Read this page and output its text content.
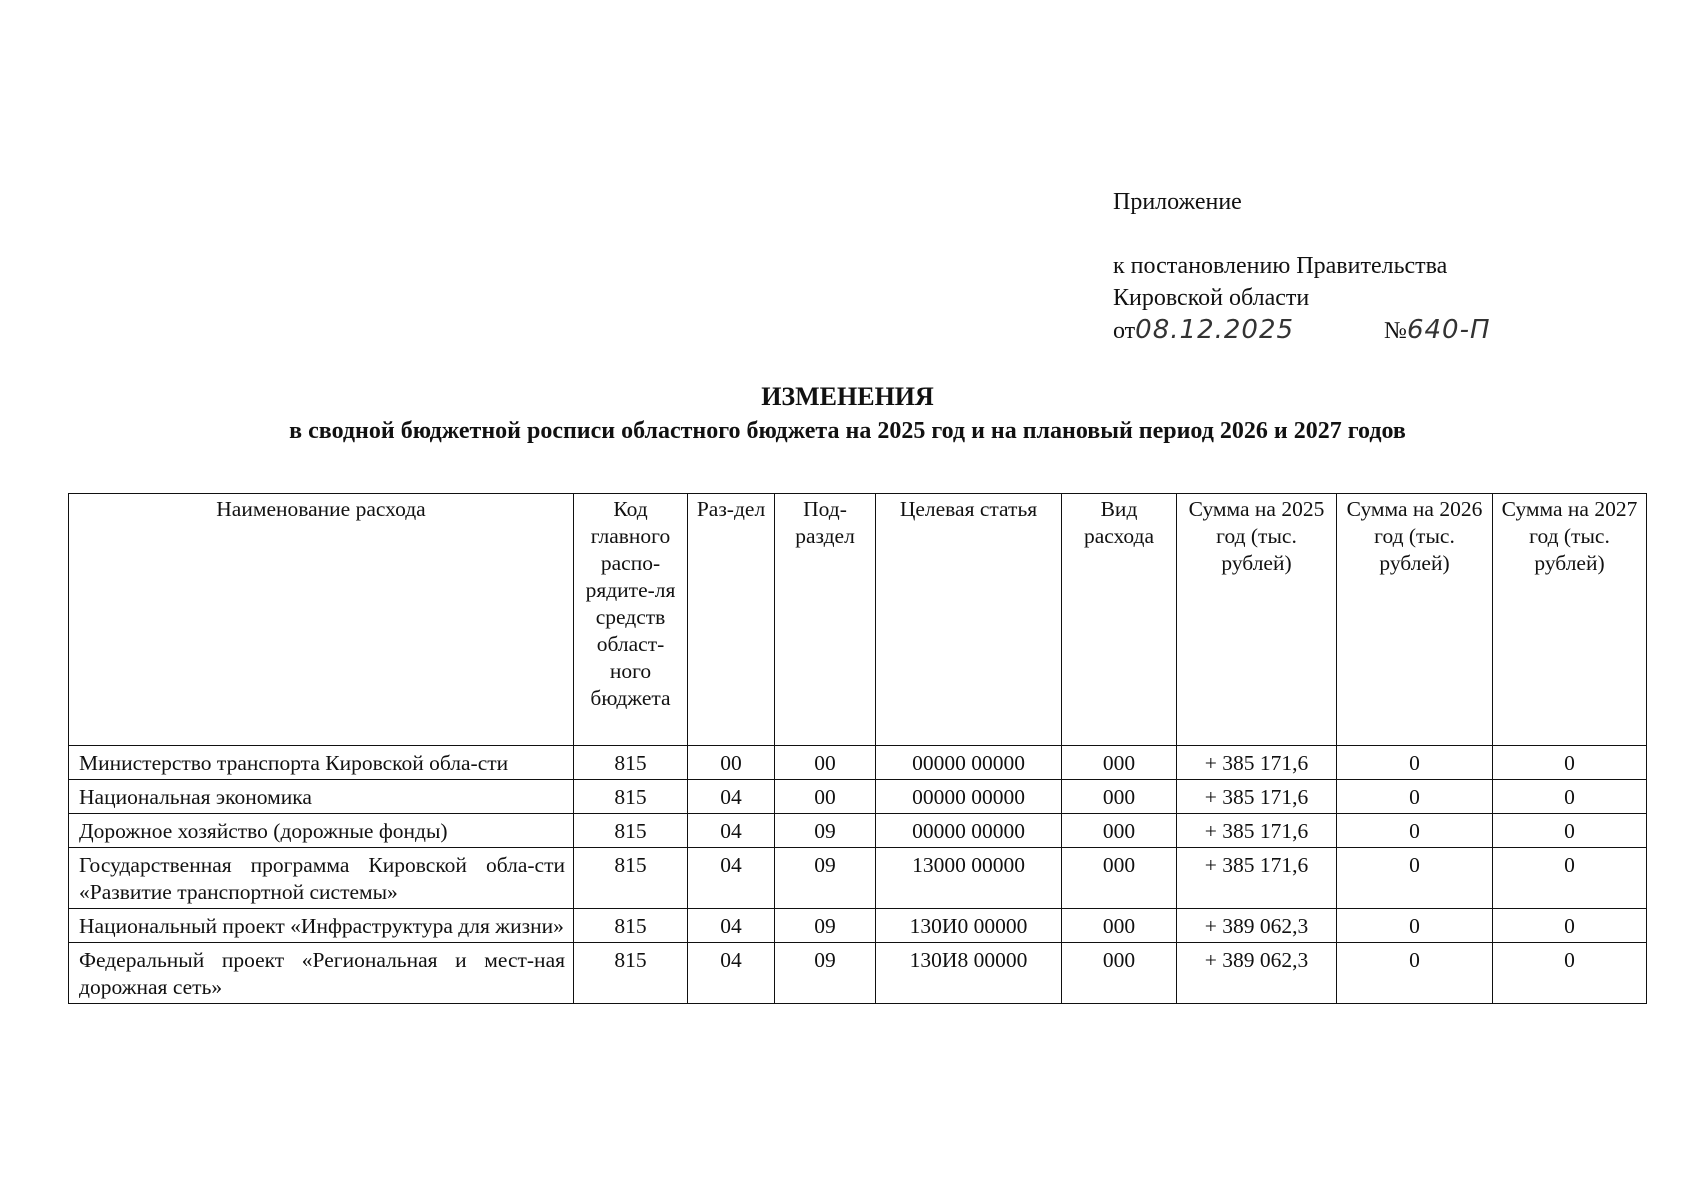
Приложение
к постановлению Правительства
Кировской области
от 08.12.2025	№ 640-П
ИЗМЕНЕНИЯ
в сводной бюджетной росписи областного бюджета на 2025 год и на плановый период 2026 и 2027 годов
Наименование расхода	Код главного распо-рядите-ля средств област-ного бюджета	Раз-дел	Под-раздел	Целевая статья	Вид расхода	Сумма на 2025 год (тыс. рублей)	Сумма на 2026 год (тыс. рублей)	Сумма на 2027 год (тыс. рублей)
Министерство транспорта Кировской обла-сти	815	00	00	00000 00000	000	+ 385 171,6	0	0
Национальная экономика	815	04	00	00000 00000	000	+ 385 171,6	0	0
Дорожное хозяйство (дорожные фонды)	815	04	09	00000 00000	000	+ 385 171,6	0	0
Государственная программа Кировской обла-сти «Развитие транспортной системы»	815	04	09	13000 00000	000	+ 385 171,6	0	0
Национальный проект «Инфраструктура для жизни»	815	04	09	130И0 00000	000	+ 389 062,3	0	0
Федеральный проект «Региональная и мест-ная дорожная сеть»	815	04	09	130И8 00000	000	+ 389 062,3	0	0
